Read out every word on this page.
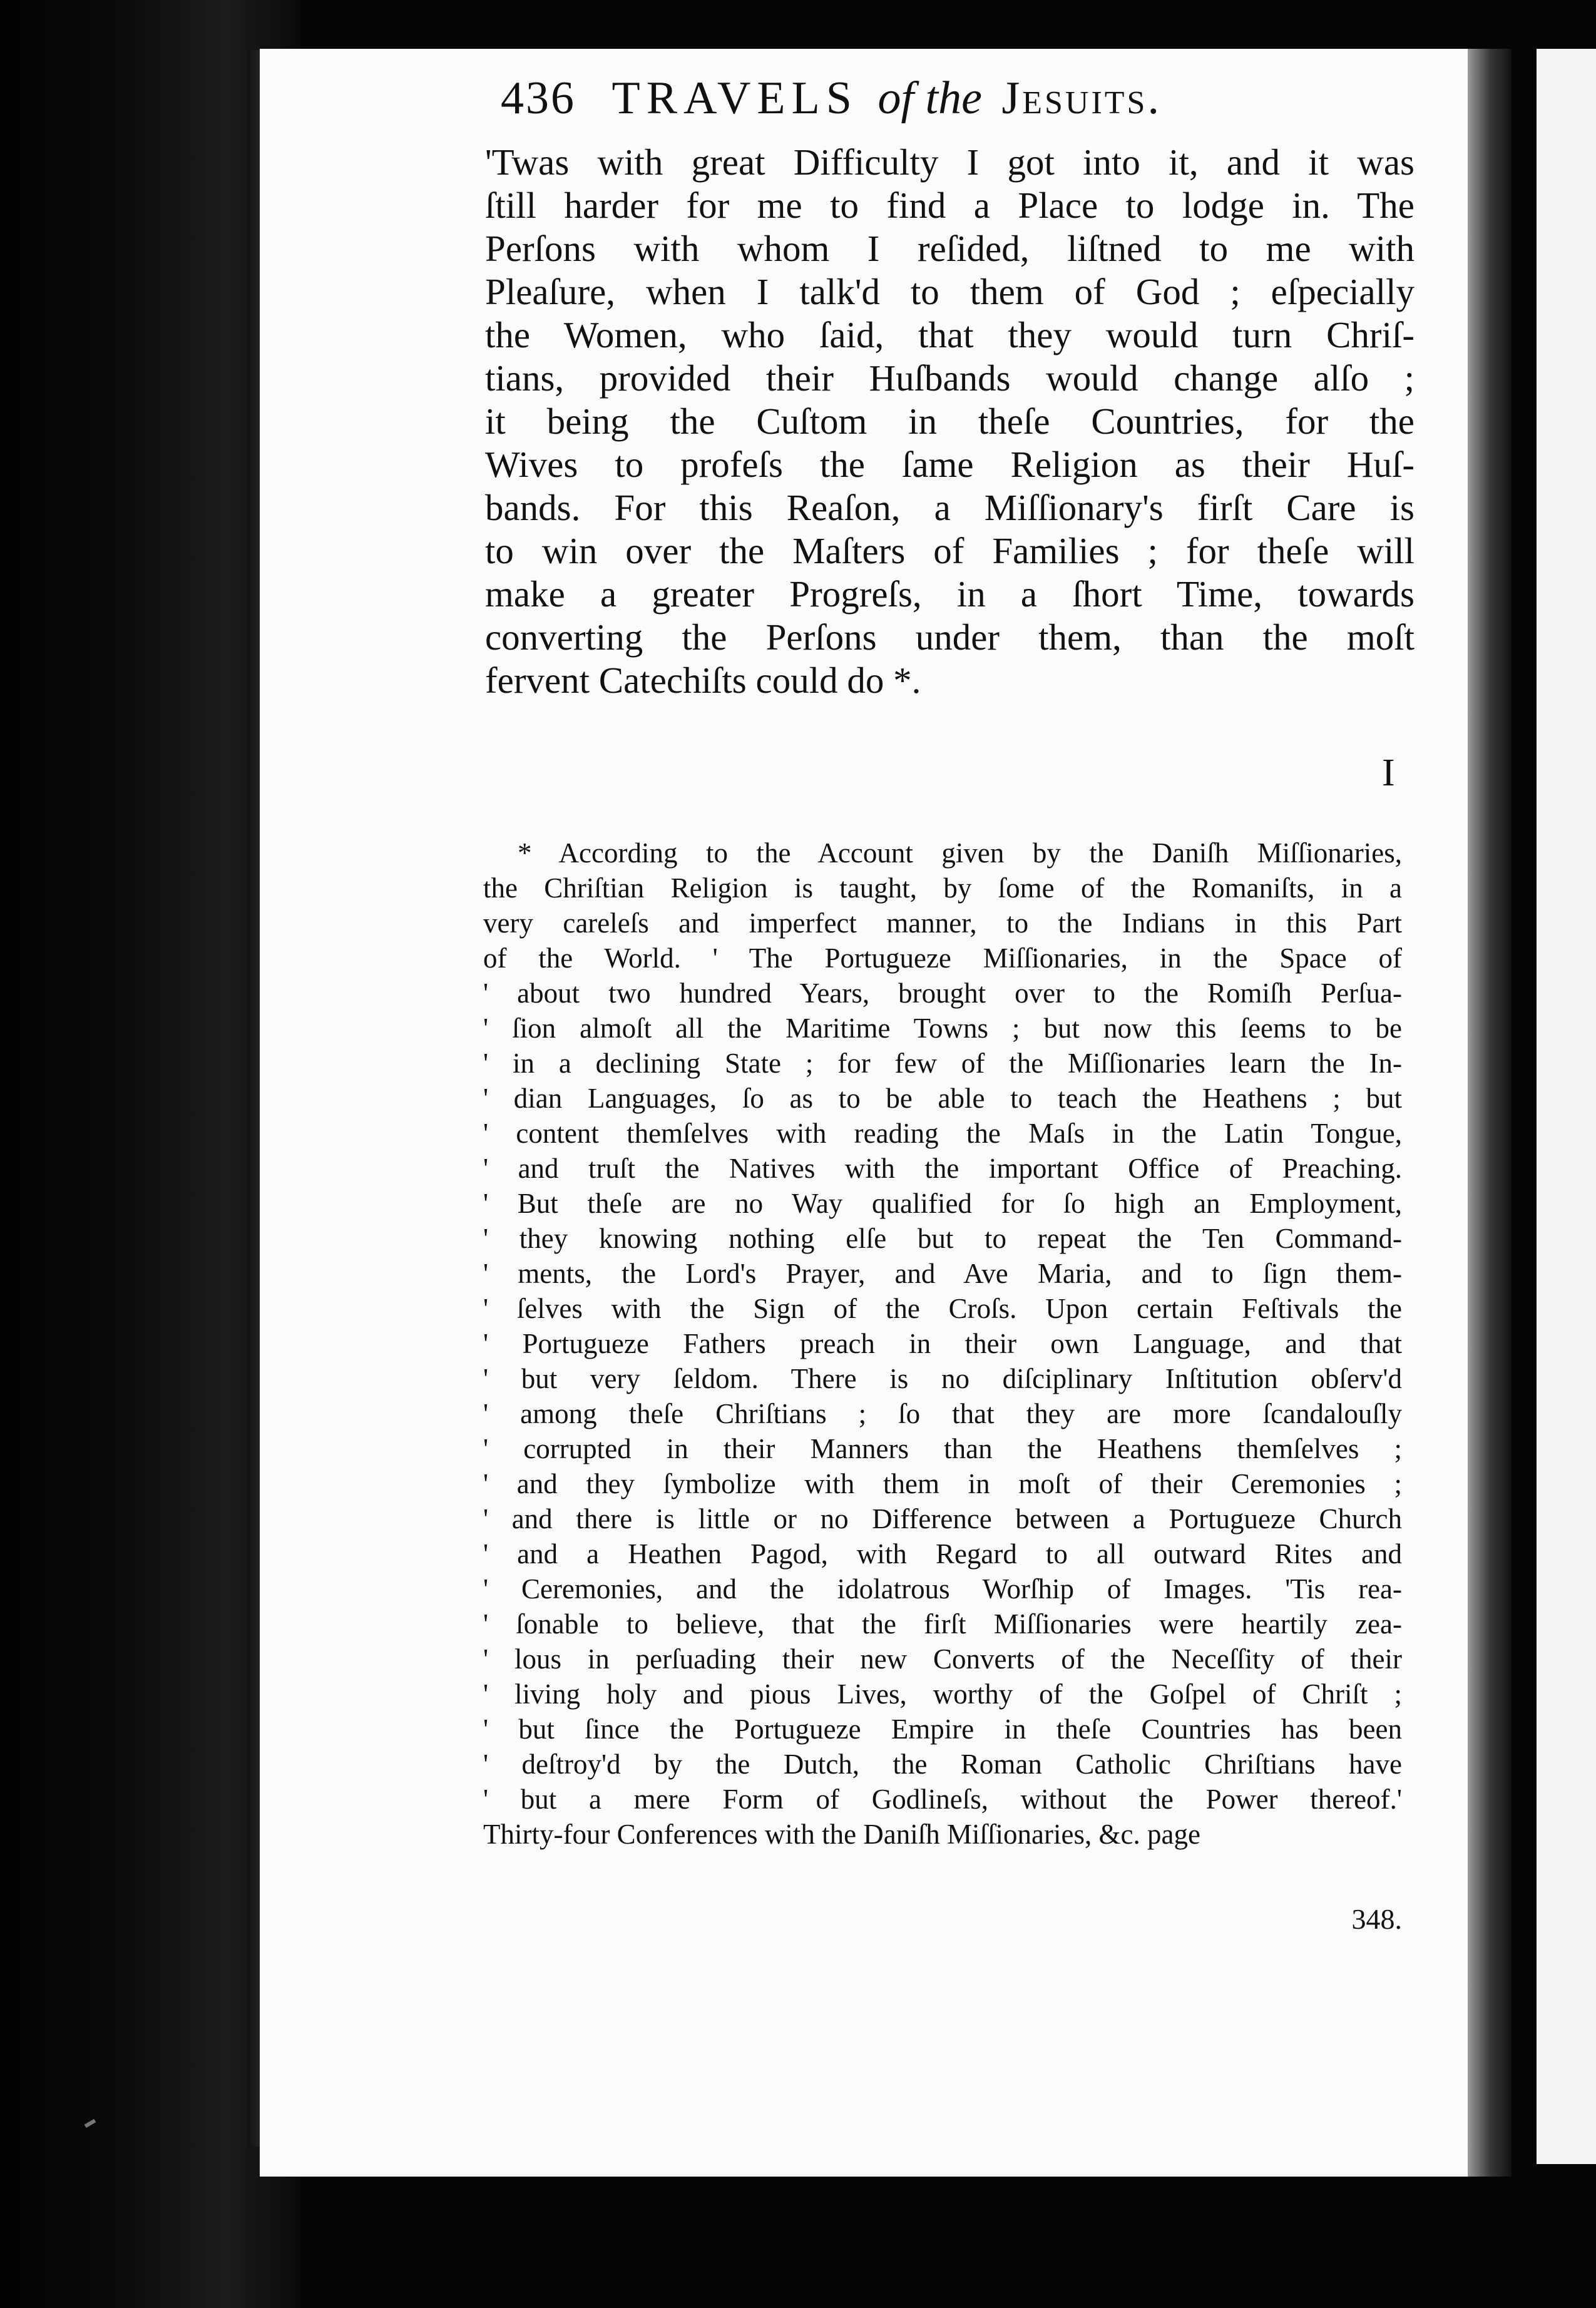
436 TRAVELS of the Jesuits.
'Twas with great Difficulty I got into it, and it was
ſtill harder for me to find a Place to lodge in. The
Perſons with whom I reſided, liſtned to me with
Pleaſure, when I talk'd to them of God ; eſpecially
the Women, who ſaid, that they would turn Chriſ-
tians, provided their Huſbands would change alſo ;
it being the Cuſtom in theſe Countries, for the
Wives to profeſs the ſame Religion as their Huſ-
bands. For this Reaſon, a Miſſionary's firſt Care is
to win over the Maſters of Families ; for theſe will
make a greater Progreſs, in a ſhort Time, towards
converting the Perſons under them, than the moſt
fervent Catechiſts could do *.
I
* According to the Account given by the Daniſh Miſſionaries,
the Chriſtian Religion is taught, by ſome of the Romaniſts, in a
very careleſs and imperfect manner, to the Indians in this Part
of the World. ' The Portugueze Miſſionaries, in the Space of
' about two hundred Years, brought over to the Romiſh Perſua-
' ſion almoſt all the Maritime Towns ; but now this ſeems to be
' in a declining State ; for few of the Miſſionaries learn the In-
' dian Languages, ſo as to be able to teach the Heathens ; but
' content themſelves with reading the Maſs in the Latin Tongue,
' and truſt the Natives with the important Office of Preaching.
' But theſe are no Way qualified for ſo high an Employment,
' they knowing nothing elſe but to repeat the Ten Command-
' ments, the Lord's Prayer, and Ave Maria, and to ſign them-
' ſelves with the Sign of the Croſs. Upon certain Feſtivals the
' Portugueze Fathers preach in their own Language, and that
' but very ſeldom. There is no diſciplinary Inſtitution obſerv'd
' among theſe Chriſtians ; ſo that they are more ſcandalouſly
' corrupted in their Manners than the Heathens themſelves ;
' and they ſymbolize with them in moſt of their Ceremonies ;
' and there is little or no Difference between a Portugueze Church
' and a Heathen Pagod, with Regard to all outward Rites and
' Ceremonies, and the idolatrous Worſhip of Images. 'Tis rea-
' ſonable to believe, that the firſt Miſſionaries were heartily zea-
' lous in perſuading their new Converts of the Neceſſity of their
' living holy and pious Lives, worthy of the Goſpel of Chriſt ;
' but ſince the Portugueze Empire in theſe Countries has been
' deſtroy'd by the Dutch, the Roman Catholic Chriſtians have
' but a mere Form of Godlineſs, without the Power thereof.'
Thirty-four Conferences with the Daniſh Miſſionaries, &c. page
348.
